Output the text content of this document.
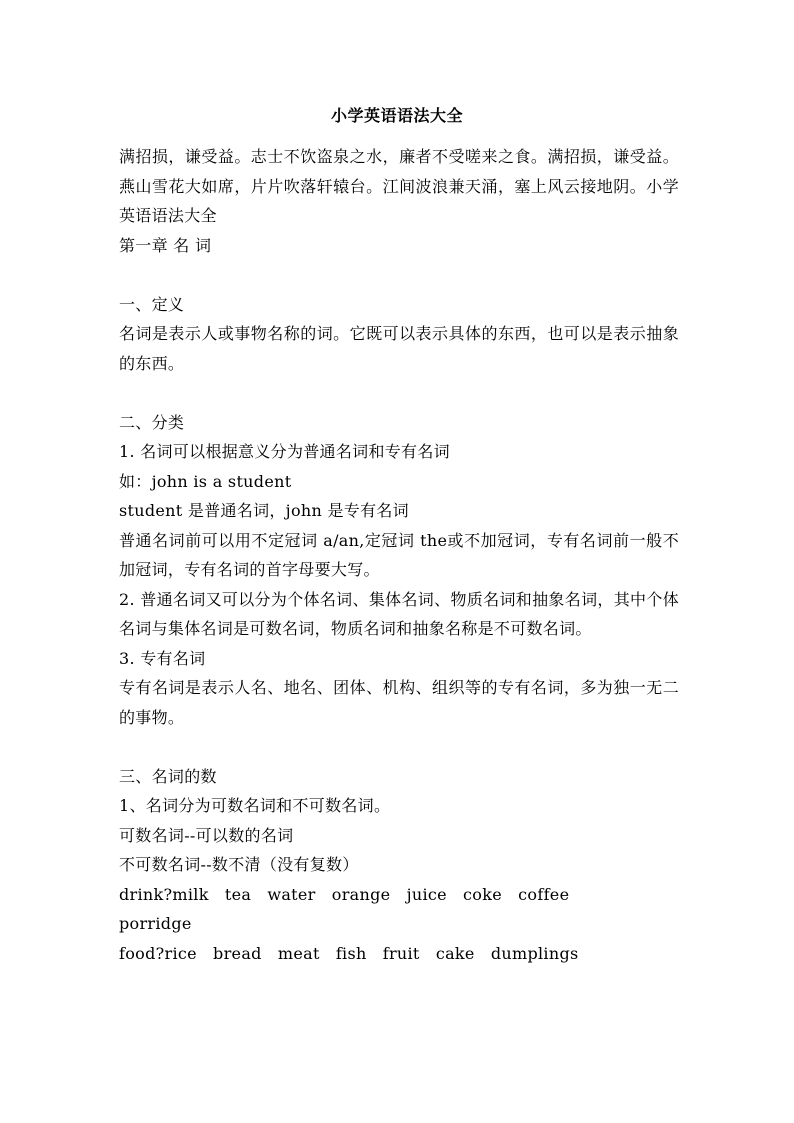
小学英语语法大全

满招损，谦受益。志士不饮盗泉之水，廉者不受嗟来之食。满招损，谦受益。燕山雪花大如席，片片吹落轩辕台。江间波浪兼天涌，塞上风云接地阴。小学英语语法大全

第一章 名 词

一、定义

名词是表示人或事物名称的词。它既可以表示具体的东西，也可以是表示抽象的东西。

二、分类

1. 名词可以根据意义分为普通名词和专有名词

如：john is a student

student 是普通名词，john 是专有名词

普通名词前可以用不定冠词 a/an,定冠词 the或不加冠词，专有名词前一般不加冠词，专有名词的首字母要大写。

2. 普通名词又可以分为个体名词、集体名词、物质名词和抽象名词，其中个体名词与集体名词是可数名词，物质名词和抽象名称是不可数名词。

3. 专有名词

专有名词是表示人名、地名、团体、机构、组织等的专有名词，多为独一无二的事物。

三、名词的数

1、名词分为可数名词和不可数名词。

可数名词--可以数的名词

不可数名词--数不清（没有复数）

drink?milk   tea   water   orange   juice   coke   coffee

porridge

food?rice   bread   meat   fish   fruit   cake   dumplings
